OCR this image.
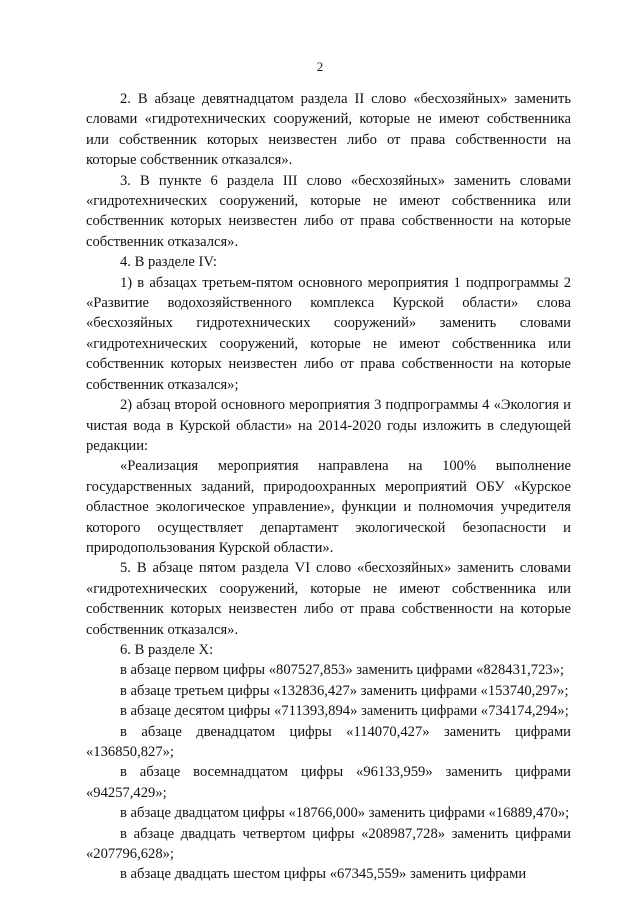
2

2. В абзаце девятнадцатом раздела II слово «бесхозяйных» заменить словами «гидротехнических сооружений, которые не имеют собственника или собственник которых неизвестен либо от права собственности на которые собственник отказался».

3. В пункте 6 раздела III слово «бесхозяйных» заменить словами «гидротехнических сооружений, которые не имеют собственника или собственник которых неизвестен либо от права собственности на которые собственник отказался».

4. В разделе IV:

1) в абзацах третьем-пятом основного мероприятия 1 подпрограммы 2 «Развитие водохозяйственного комплекса Курской области» слова «бесхозяйных гидротехнических сооружений» заменить словами «гидротехнических сооружений, которые не имеют собственника или собственник которых неизвестен либо от права собственности на которые собственник отказался»;

2) абзац второй основного мероприятия 3 подпрограммы 4 «Экология и чистая вода в Курской области» на 2014-2020 годы изложить в следующей редакции:

«Реализация мероприятия направлена на 100% выполнение государственных заданий, природоохранных мероприятий ОБУ «Курское областное экологическое управление», функции и полномочия учредителя которого осуществляет департамент экологической безопасности и природопользования Курской области».

5. В абзаце пятом раздела VI слово «бесхозяйных» заменить словами «гидротехнических сооружений, которые не имеют собственника или собственник которых неизвестен либо от права собственности на которые собственник отказался».

6. В разделе X:

в абзаце первом цифры «807527,853» заменить цифрами «828431,723»;

в абзаце третьем цифры «132836,427» заменить цифрами «153740,297»;

в абзаце десятом цифры «711393,894» заменить цифрами «734174,294»;

в абзаце двенадцатом цифры «114070,427» заменить цифрами «136850,827»;

в абзаце восемнадцатом цифры «96133,959» заменить цифрами «94257,429»;

в абзаце двадцатом цифры «18766,000» заменить цифрами «16889,470»;

в абзаце двадцать четвертом цифры «208987,728» заменить цифрами «207796,628»;

в абзаце двадцать шестом цифры «67345,559» заменить цифрами
